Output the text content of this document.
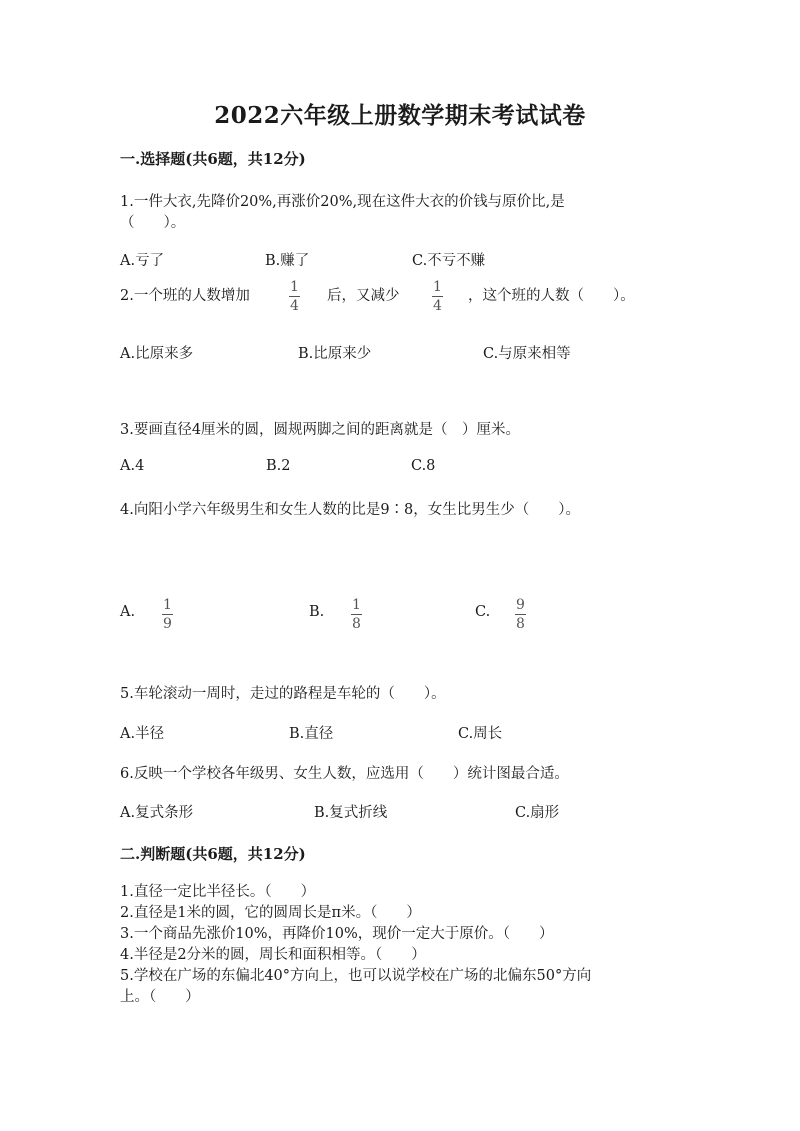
2022六年级上册数学期末考试试卷
一.选择题(共6题，共12分)
1.一件大衣,先降价20%,再涨价20%,现在这件大衣的价钱与原价比,是
（　　）。
A.亏了	B.赚了	C.不亏不赚
2.一个班的人数增加
1
4
后，又减少
1
4
，这个班的人数（　　）。
A.比原来多	B.比原来少	C.与原来相等
3.要画直径4厘米的圆，圆规两脚之间的距离就是（　）厘米。
A.4	B.2	C.8
4.向阳小学六年级男生和女生人数的比是9∶8，女生比男生少（　　）。
A. 1
9
B. 1
8
C. 9
8
5.车轮滚动一周时，走过的路程是车轮的（　　）。
A.半径	B.直径	C.周长
6.反映一个学校各年级男、女生人数，应选用（　　）统计图最合适。
A.复式条形	B.复式折线	C.扇形
二.判断题(共6题，共12分)
1.直径一定比半径长。（　　）
2.直径是1米的圆，它的圆周长是π米。（　　）
3.一个商品先涨价10%，再降价10%，现价一定大于原价。（　　）
4.半径是2分米的圆，周长和面积相等。（　　）
5.学校在广场的东偏北40°方向上，也可以说学校在广场的北偏东50°方向
上。（　　）
